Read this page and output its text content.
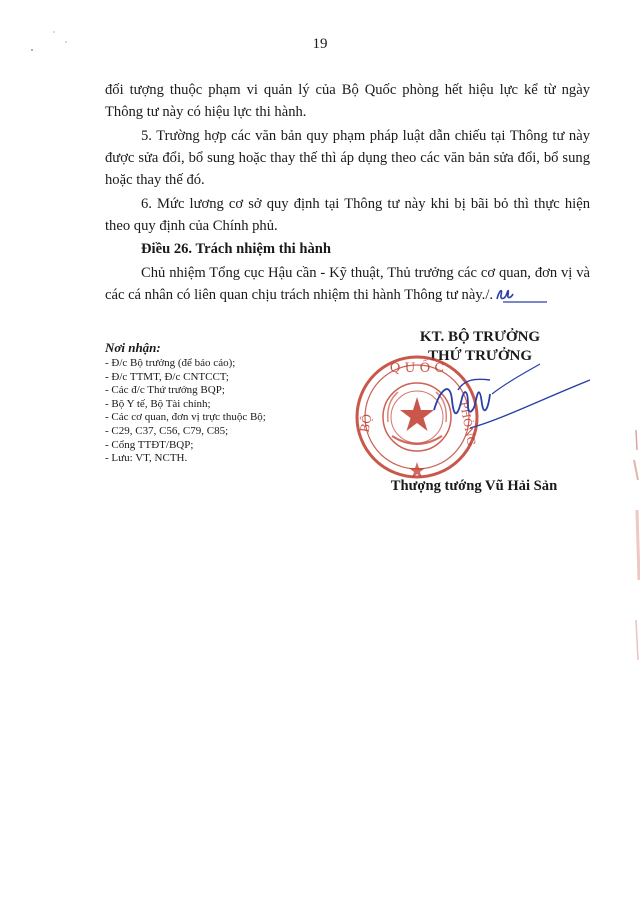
19
đối tượng thuộc phạm vi quản lý của Bộ Quốc phòng hết hiệu lực kể từ ngày
Thông tư này có hiệu lực thi hành.
5. Trường hợp các văn bản quy phạm pháp luật dẫn chiếu tại Thông tư này được sửa đổi, bổ sung hoặc thay thế thì áp dụng theo các văn bản sửa đổi, bổ sung hoặc thay thế đó.
6. Mức lương cơ sở quy định tại Thông tư này khi bị bãi bỏ thì thực hiện theo quy định của Chính phủ.
Điều 26. Trách nhiệm thi hành
Chủ nhiệm Tổng cục Hậu cần - Kỹ thuật, Thủ trưởng các cơ quan, đơn vị và các cá nhân có liên quan chịu trách nhiệm thi hành Thông tư này./.
Nơi nhận:
- Đ/c Bộ trưởng (để báo cáo);
- Đ/c TTMT, Đ/c CNTCCT;
- Các đ/c Thứ trưởng BQP;
- Bộ Y tế, Bộ Tài chính;
- Các cơ quan, đơn vị trực thuộc Bộ;
- C29, C37, C56, C79, C85;
- Cổng TTĐT/BQP;
- Lưu: VT, NCTH.
KT. BỘ TRƯỞNG
THỨ TRƯỞNG
Q U Ố C
BỘ	PHÒNG
Thượng tướng Vũ Hải Sản
